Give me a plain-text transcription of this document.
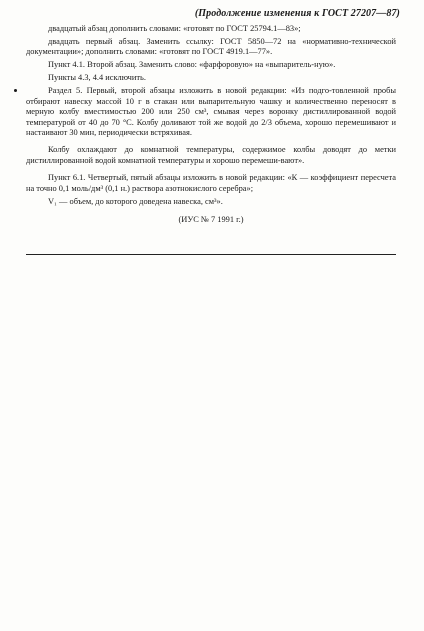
(Продолжение изменения к ГОСТ 27207—87)

двадцатый абзац дополнить словами: «готовят по ГОСТ 25794.1—83»;

двадцать первый абзац. Заменить ссылку: ГОСТ 5850—72 на «нормативно-технической документации»; дополнить словами: «готовят по ГОСТ 4919.1—77».

Пункт 4.1. Второй абзац. Заменить слово: «фарфоровую» на «выпаритель-ную».

Пункты 4.3, 4.4 исключить.

Раздел 5. Первый, второй абзацы изложить в новой редакции: «Из подго-товленной пробы отбирают навеску массой 10 г в стакан или выпарительную чашку и количественно переносят в мерную колбу вместимостью 200 или 250 см³, смывая через воронку дистиллированной водой температурой от 40 до 70 °С. Колбу доливают той же водой до 2/3 объема, хорошо перемешивают и настаивают 30 мин, периодически встряхивая.

Колбу охлаждают до комнатной температуры, содержимое колбы доводят до метки дистиллированной водой комнатной температуры и хорошо перемеши-вают».

Пункт 6.1. Четвертый, пятый абзацы изложить в новой редакции: «К — коэффициент пересчета на точно 0,1 моль/дм³ (0,1 н.) раствора азотнокислого серебра»;

V₁ — объем, до которого доведена навеска, см³».

(ИУС № 7 1991 г.)
